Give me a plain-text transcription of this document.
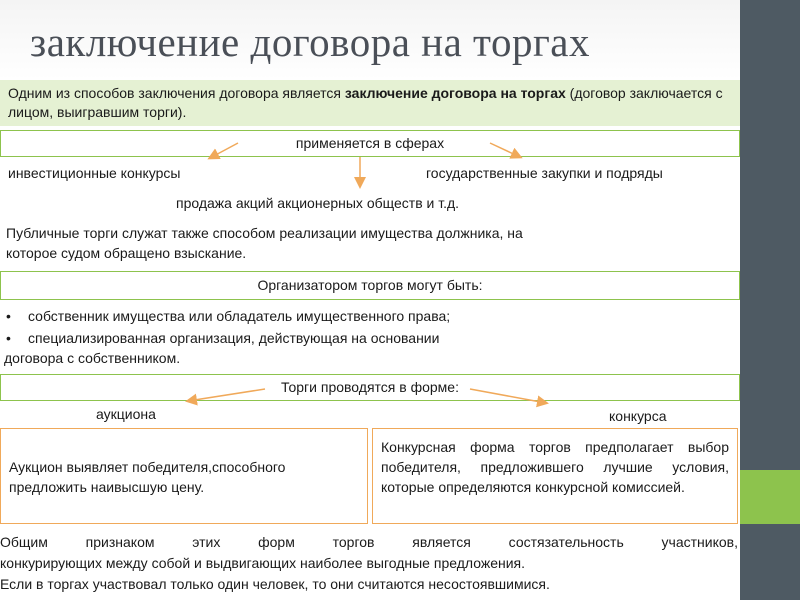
заключение договора на торгах
Одним из способов заключения договора является заключение договора на торгах (договор заключается с лицом, выигравшим торги).
применяется в сферах
инвестиционные конкурсы	государственные закупки и подряды
продажа акций акционерных обществ и т.д.
Публичные торги служат также способом реализации имущества должника, на
которое судом обращено взыскание.
Организатором торгов могут быть:
• собственник имущества или обладатель имущественного права;
• специализированная организация, действующая на основании
договора с собственником.
Торги проводятся в форме:
аукциона	конкурса
Аукцион выявляет победителя,способного предложить наивысшую цену.
Конкурсная форма торгов предполагает выбор победителя, предложившего лучшие условия, которые определяются конкурсной комиссией.
Общим признаком этих форм торгов является состязательность участников,
конкурирующих между собой и выдвигающих наиболее выгодные предложения.
Если в торгах участвовал только один человек, то они считаются несостоявшимися.
